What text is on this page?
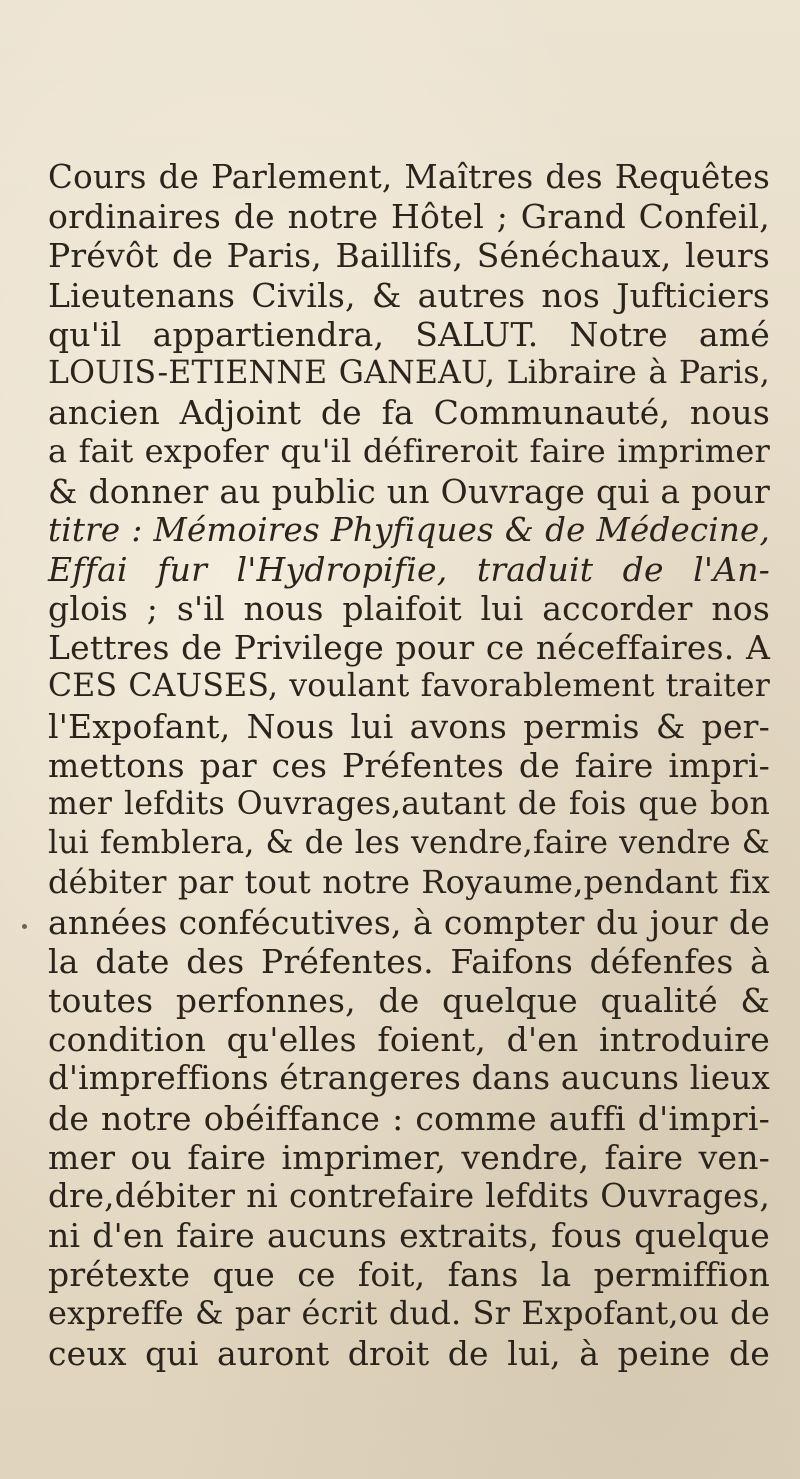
Cours de Parlement, Maîtres des Requêtes
ordinaires de notre Hôtel ; Grand Confeil,
Prévôt de Paris, Baillifs, Sénéchaux, leurs
Lieutenans Civils, & autres nos Jufticiers
qu'il appartiendra, SALUT. Notre amé
LOUIS-ETIENNE GANEAU, Libraire à Paris,
ancien Adjoint de fa Communauté, nous
a fait expofer qu'il défireroit faire imprimer
& donner au public un Ouvrage qui a pour
titre : Mémoires Phyfiques & de Médecine,
Effai fur l'Hydropifie, traduit de l'An-
glois ; s'il nous plaifoit lui accorder nos
Lettres de Privilege pour ce néceffaires. A
CES CAUSES, voulant favorablement traiter
l'Expofant, Nous lui avons permis & per-
mettons par ces Préfentes de faire impri-
mer lefdits Ouvrages,autant de fois que bon
lui femblera, & de les vendre,faire vendre &
débiter par tout notre Royaume,pendant fix
années confécutives, à compter du jour de
la date des Préfentes. Faifons défenfes à
toutes perfonnes, de quelque qualité &
condition qu'elles foient, d'en introduire
d'impreffions étrangeres dans aucuns lieux
de notre obéiffance : comme auffi d'impri-
mer ou faire imprimer, vendre, faire ven-
dre,débiter ni contrefaire lefdits Ouvrages,
ni d'en faire aucuns extraits, fous quelque
prétexte que ce foit, fans la permiffion
expreffe & par écrit dud. Sr Expofant,ou de
ceux qui auront droit de lui, à peine de
